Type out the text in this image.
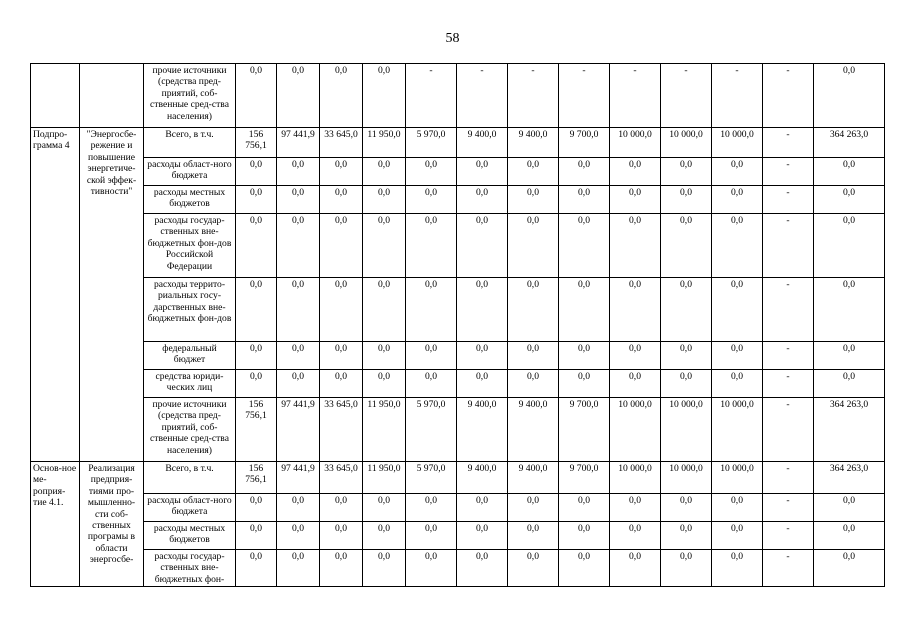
58
		прочие источники (средства пред-приятий, соб-ственные сред-ства населения)	0,0	0,0	0,0	0,0	-	-	-	-	-	-	-	-	0,0
Подпро-грамма 4	"Энергосбе-режение и повышение энергетиче-ской эффек-тивности"	Всего, в т.ч.	156 756,1	97 441,9	33 645,0	11 950,0	5 970,0	9 400,0	9 400,0	9 700,0	10 000,0	10 000,0	10 000,0	-	364 263,0
		расходы област-ного бюджета	0,0	0,0	0,0	0,0	0,0	0,0	0,0	0,0	0,0	0,0	0,0	-	0,0
		расходы местных бюджетов	0,0	0,0	0,0	0,0	0,0	0,0	0,0	0,0	0,0	0,0	0,0	-	0,0
		расходы государ-ственных вне-бюджетных фон-дов Российской Федерации	0,0	0,0	0,0	0,0	0,0	0,0	0,0	0,0	0,0	0,0	0,0	-	0,0
		расходы террито-риальных госу-дарственных вне-бюджетных фон-дов	0,0	0,0	0,0	0,0	0,0	0,0	0,0	0,0	0,0	0,0	0,0	-	0,0
		федеральный бюджет	0,0	0,0	0,0	0,0	0,0	0,0	0,0	0,0	0,0	0,0	0,0	-	0,0
		средства юриди-ческих лиц	0,0	0,0	0,0	0,0	0,0	0,0	0,0	0,0	0,0	0,0	0,0	-	0,0
		прочие источники (средства пред-приятий, соб-ственные сред-ства населения)	156 756,1	97 441,9	33 645,0	11 950,0	5 970,0	9 400,0	9 400,0	9 700,0	10 000,0	10 000,0	10 000,0	-	364 263,0
Основ-ное ме-роприя-тие 4.1.	Реализация предприя-тиями про-мышленно-сти соб-ственных програмы в области энергосбе-	Всего, в т.ч.	156 756,1	97 441,9	33 645,0	11 950,0	5 970,0	9 400,0	9 400,0	9 700,0	10 000,0	10 000,0	10 000,0	-	364 263,0
		расходы област-ного бюджета	0,0	0,0	0,0	0,0	0,0	0,0	0,0	0,0	0,0	0,0	0,0	-	0,0
		расходы местных бюджетов	0,0	0,0	0,0	0,0	0,0	0,0	0,0	0,0	0,0	0,0	0,0	-	0,0
		расходы государ-ственных вне-бюджетных фон-	0,0	0,0	0,0	0,0	0,0	0,0	0,0	0,0	0,0	0,0	0,0	-	0,0
